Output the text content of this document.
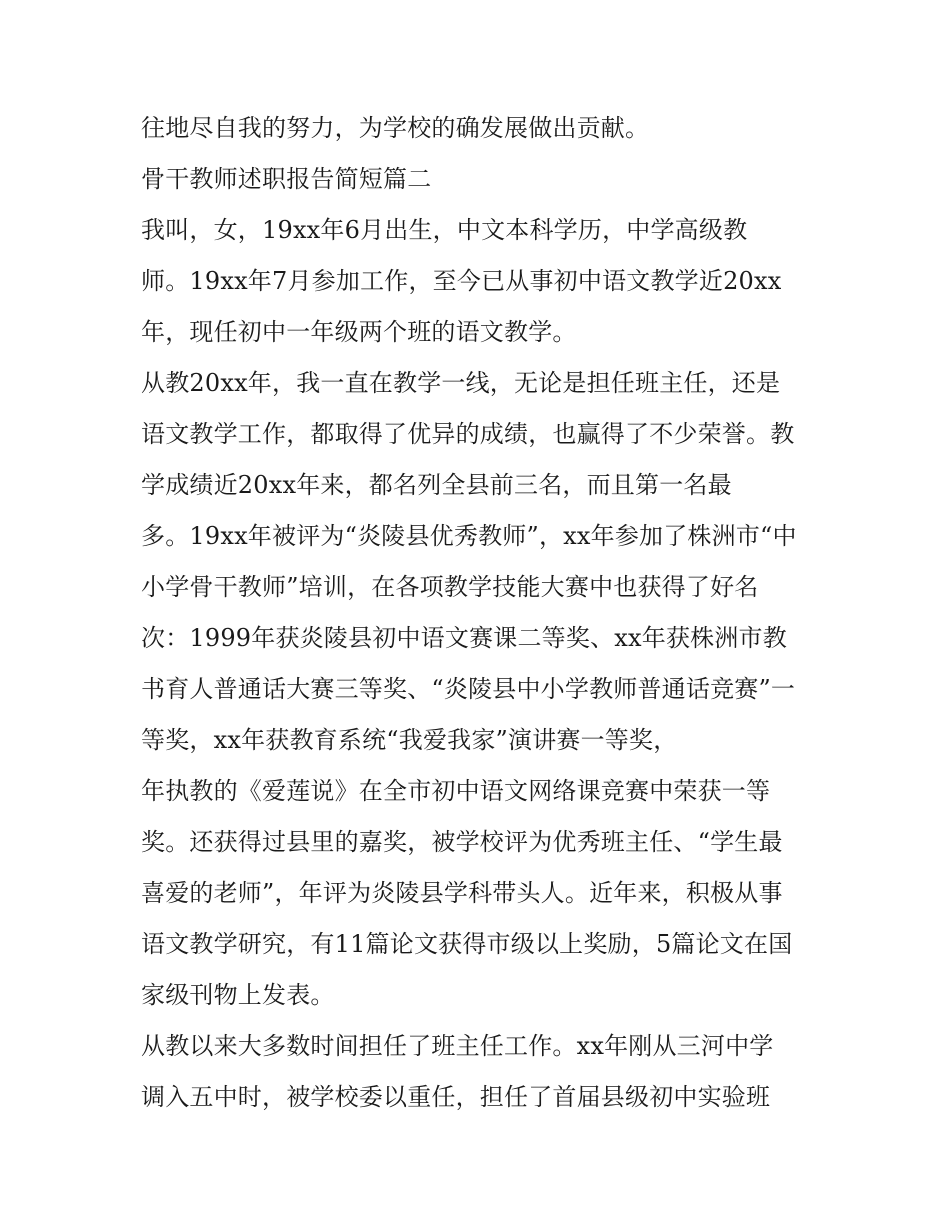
往地尽自我的努力，为学校的确发展做出贡献。

骨干教师述职报告简短篇二

我叫，女，19xx年6月出生，中文本科学历，中学高级教

师。19xx年7月参加工作，至今已从事初中语文教学近20xx

年，现任初中一年级两个班的语文教学。

从教20xx年，我一直在教学一线，无论是担任班主任，还是

语文教学工作，都取得了优异的成绩，也赢得了不少荣誉。教

学成绩近20xx年来，都名列全县前三名，而且第一名最

多。19xx年被评为“炎陵县优秀教师”，xx年参加了株洲市“中

小学骨干教师”培训，在各项教学技能大赛中也获得了好名

次：1999年获炎陵县初中语文赛课二等奖、xx年获株洲市教

书育人普通话大赛三等奖、“炎陵县中小学教师普通话竞赛”一

等奖，xx年获教育系统“我爱我家”演讲赛一等奖，

年执教的《爱莲说》在全市初中语文网络课竞赛中荣获一等

奖。还获得过县里的嘉奖，被学校评为优秀班主任、“学生最

喜爱的老师”，年评为炎陵县学科带头人。近年来，积极从事

语文教学研究，有11篇论文获得市级以上奖励，5篇论文在国

家级刊物上发表。

从教以来大多数时间担任了班主任工作。xx年刚从三河中学

调入五中时，被学校委以重任，担任了首届县级初中实验班
